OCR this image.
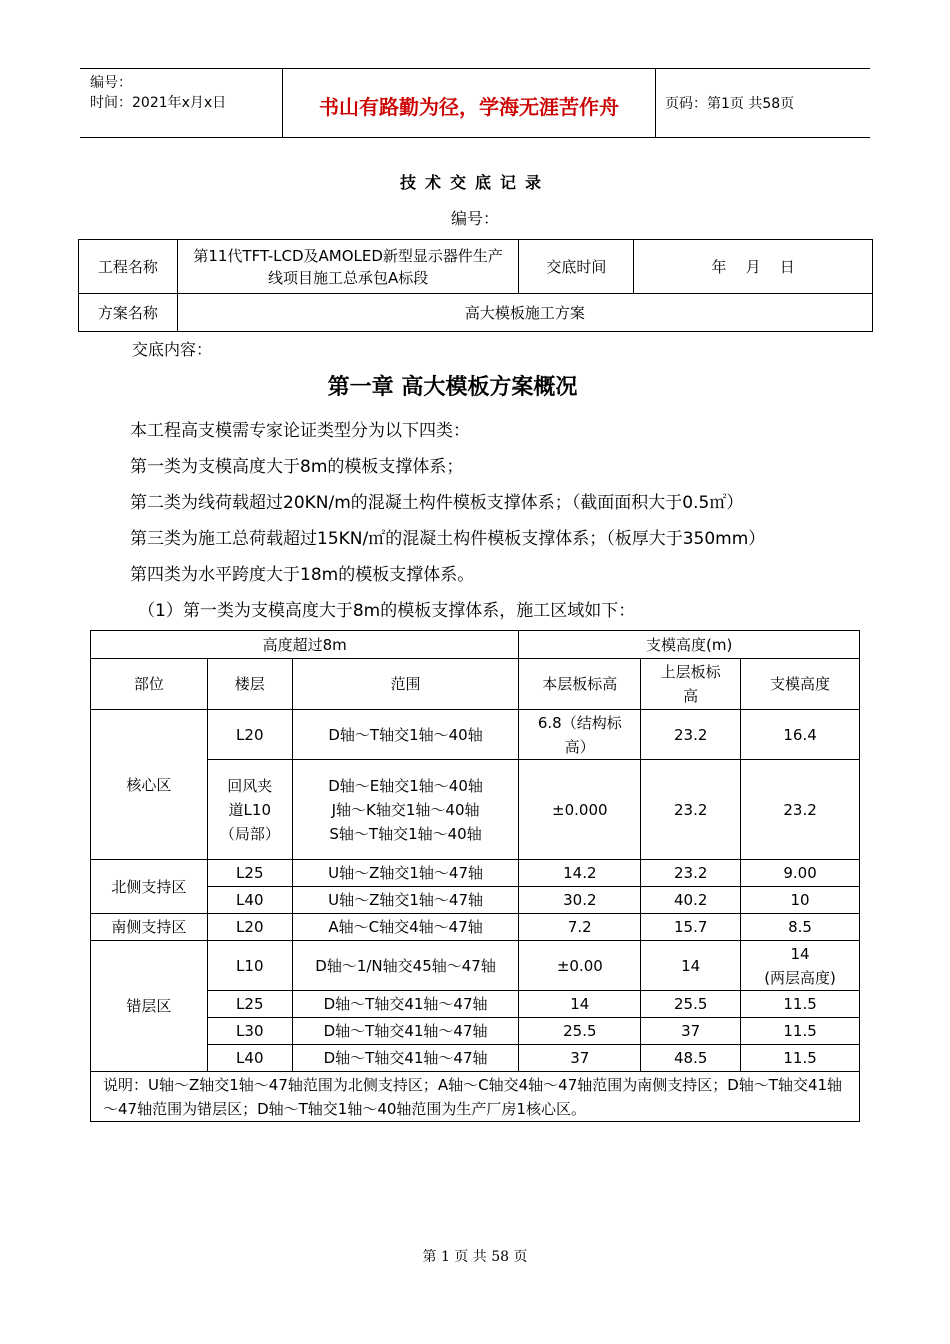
编号：
时间：2021年x月x日	书山有路勤为径，学海无涯苦作舟	页码：第1页 共58页
技术交底记录
编号：
工程名称	第11代TFT-LCD及AMOLED新型显示器件生产线项目施工总承包A标段	交底时间	年    月    日
方案名称	高大模板施工方案		
交底内容：
第一章 高大模板方案概况
本工程高支模需专家论证类型分为以下四类：
第一类为支模高度大于8m的模板支撑体系；
第二类为线荷载超过20KN/m的混凝土构件模板支撑体系；（截面面积大于0.5㎡）
第三类为施工总荷载超过15KN/㎡的混凝土构件模板支撑体系；（板厚大于350mm）
第四类为水平跨度大于18m的模板支撑体系。
（1）第一类为支模高度大于8m的模板支撑体系，施工区域如下：
高度超过8m			支模高度(m)		
部位	楼层	范围	本层板标高	上层板标高	支模高度
核心区	L20	D轴～T轴交1轴～40轴	6.8（结构标高）	23.2	16.4
	回风夹道L10（局部）	D轴～E轴交1轴～40轴
J轴～K轴交1轴～40轴
S轴～T轴交1轴～40轴	±0.000	23.2	23.2
北侧支持区	L25	U轴～Z轴交1轴～47轴	14.2	23.2	9.00
	L40	U轴～Z轴交1轴～47轴	30.2	40.2	10
南侧支持区	L20	A轴～C轴交4轴～47轴	7.2	15.7	8.5
错层区	L10	D轴～1/N轴交45轴～47轴	±0.00	14	14
(两层高度)
	L25	D轴～T轴交41轴～47轴	14	25.5	11.5
	L30	D轴～T轴交41轴～47轴	25.5	37	11.5
	L40	D轴～T轴交41轴～47轴	37	48.5	11.5
说明：U轴～Z轴交1轴～47轴范围为北侧支持区；A轴～C轴交4轴～47轴范围为南侧支持区；D轴～T轴交41轴～47轴范围为错层区；D轴～T轴交1轴～40轴范围为生产厂房1核心区。					
第 1 页 共 58 页
